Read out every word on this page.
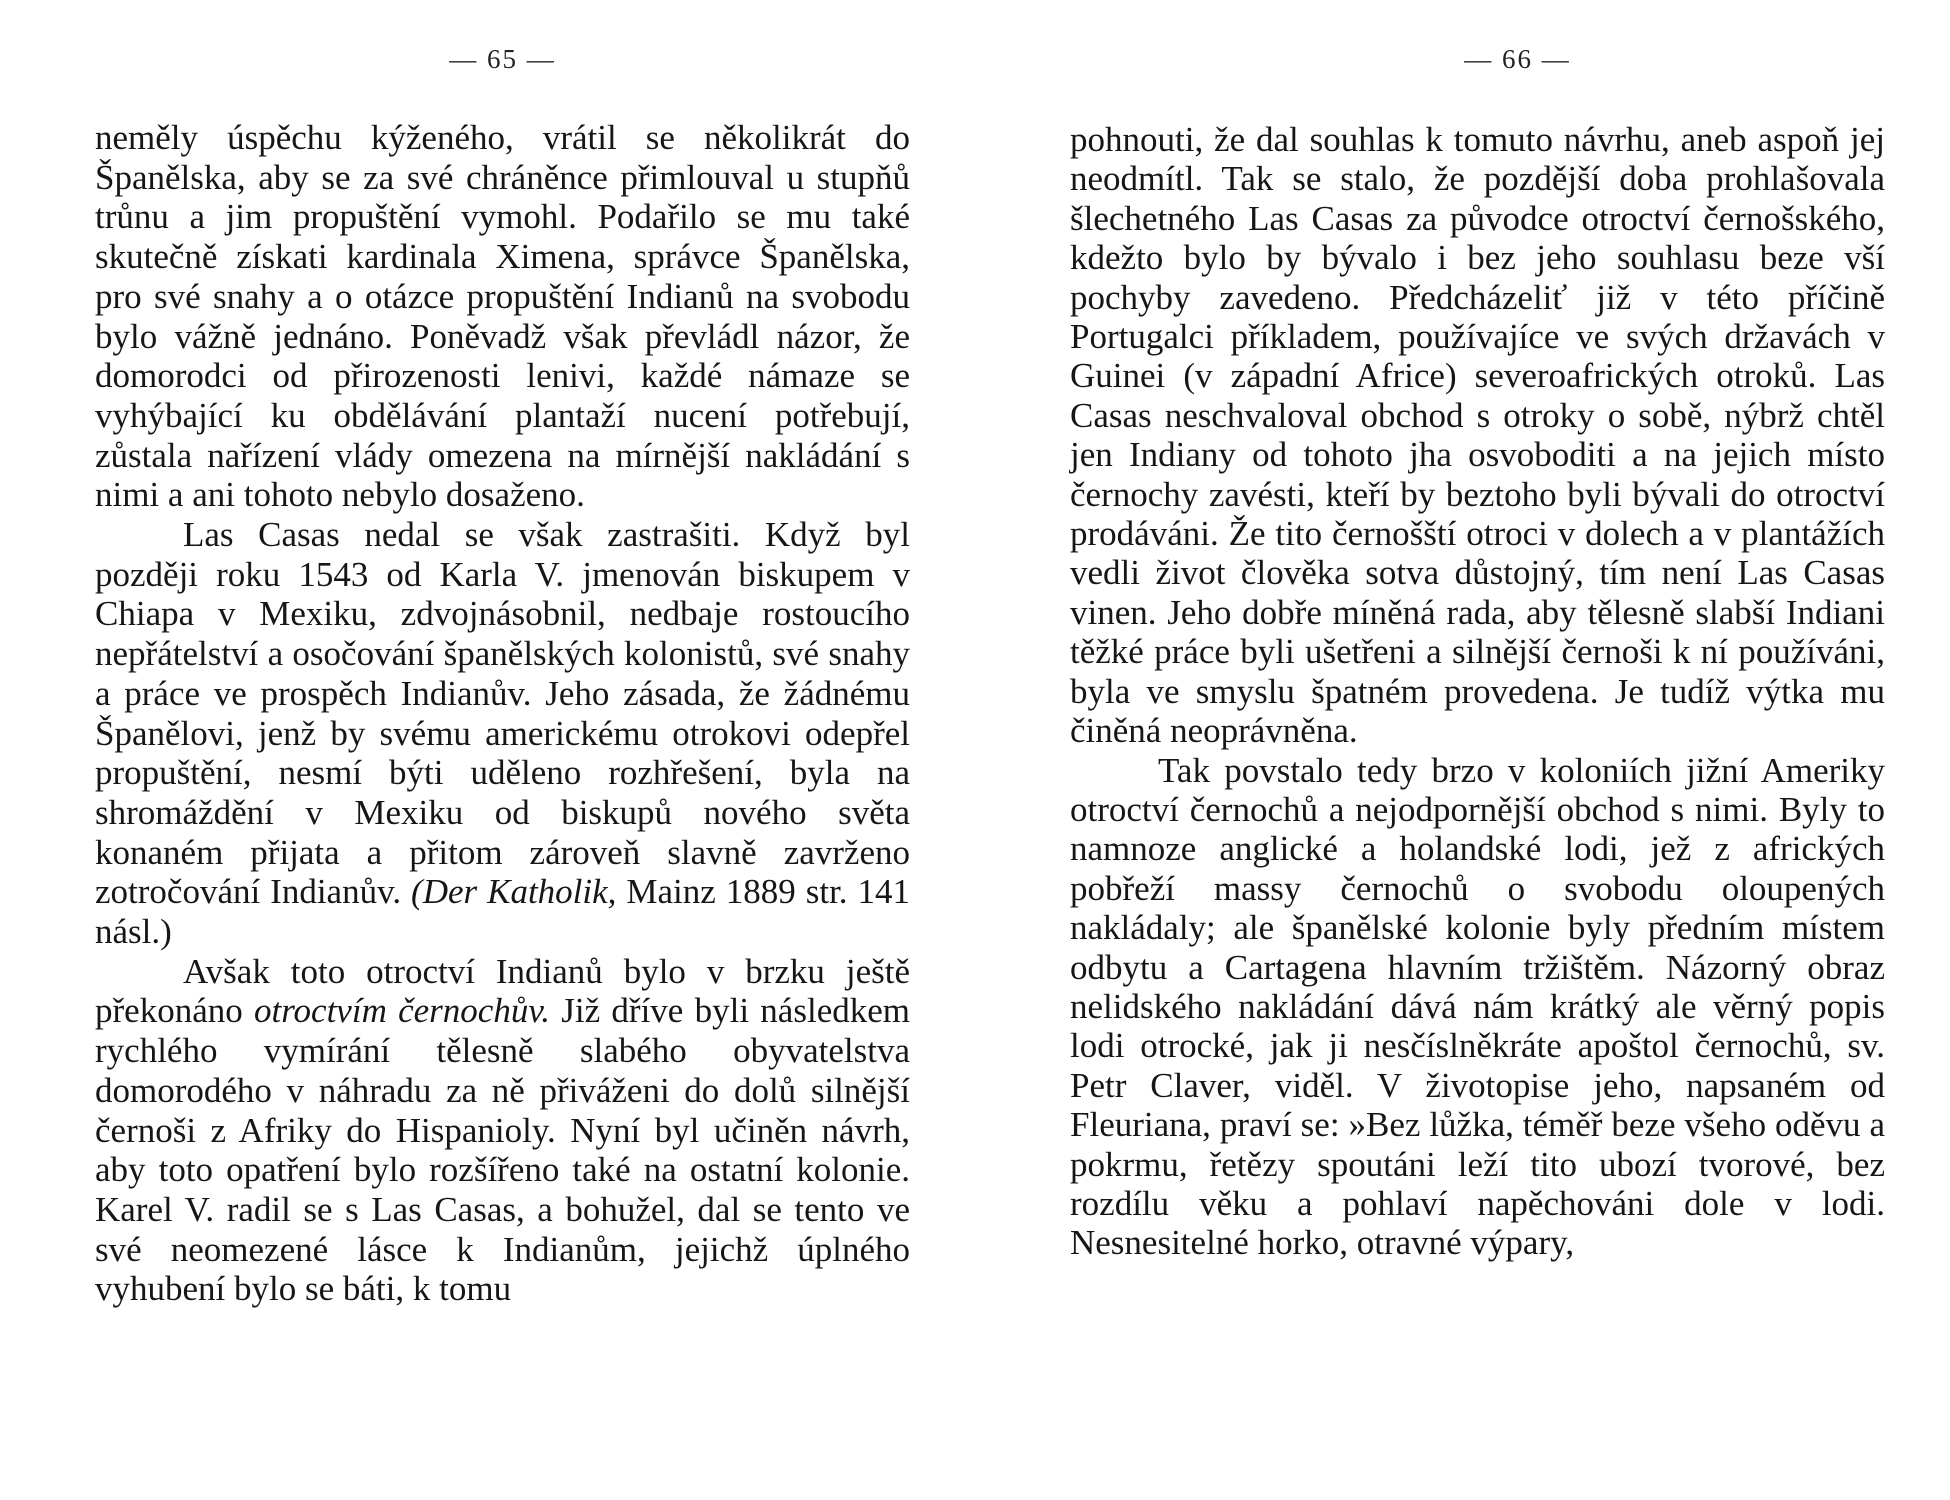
— 65 —

neměly úspěchu kýženého, vrátil se několikrát do Španělska, aby se za své chráněnce přimlouval u stupňů trůnu a jim propuštění vymohl. Podařilo se mu také skutečně získati kardinala Ximena, správce Španělska, pro své snahy a o otázce propuštění Indianů na svobodu bylo vážně jednáno. Poněvadž však převládl názor, že domorodci od přirozenosti lenivi, každé námaze se vyhýbající ku obdělávání plantaží nucení potřebují, zůstala nařízení vlády omezena na mírnější nakládání s nimi a ani tohoto nebylo dosaženo.

Las Casas nedal se však zastrašiti. Když byl později roku 1543 od Karla V. jmenován biskupem v Chiapa v Mexiku, zdvojnásobnil, nedbaje rostoucího nepřátelství a osočování španělských kolonistů, své snahy a práce ve prospěch Indianův. Jeho zásada, že žádnému Španělovi, jenž by svému americkému otrokovi odepřel propuštění, nesmí býti uděleno rozhřešení, byla na shromáždění v Mexiku od biskupů nového světa konaném přijata a přitom zároveň slavně zavrženo zotročování Indianův. (Der Katholik, Mainz 1889 str. 141 násl.)

Avšak toto otroctví Indianů bylo v brzku ještě překonáno otroctvím černochův. Již dříve byli následkem rychlého vymírání tělesně slabého obyvatelstva domorodého v náhradu za ně přiváženi do dolů silnější černoši z Afriky do Hispanioly. Nyní byl učiněn návrh, aby toto opatření bylo rozšířeno také na ostatní kolonie. Karel V. radil se s Las Casas, a bohužel, dal se tento ve své neomezené lásce k Indianům, jejichž úplného vyhubení bylo se báti, k tomu

— 66 —

pohnouti, že dal souhlas k tomuto návrhu, aneb aspoň jej neodmítl. Tak se stalo, že pozdější doba prohlašovala šlechetného Las Casas za původce otroctví černošského, kdežto bylo by bývalo i bez jeho souhlasu beze vší pochyby zavedeno. Předcházeliť již v této příčině Portugalci příkladem, používajíce ve svých državách v Guinei (v západní Africe) severoafrických otroků. Las Casas neschvaloval obchod s otroky o sobě, nýbrž chtěl jen Indiany od tohoto jha osvoboditi a na jejich místo černochy zavésti, kteří by beztoho byli bývali do otroctví prodáváni. Že tito černošští otroci v dolech a v plantážích vedli život člověka sotva důstojný, tím není Las Casas vinen. Jeho dobře míněná rada, aby tělesně slabší Indiani těžké práce byli ušetřeni a silnější černoši k ní používáni, byla ve smyslu špatném provedena. Je tudíž výtka mu činěná neoprávněna.

Tak povstalo tedy brzo v koloniích jižní Ameriky otroctví černochů a nejodpornější obchod s nimi. Byly to namnoze anglické a holandské lodi, jež z afrických pobřeží massy černochů o svobodu oloupených nakládaly; ale španělské kolonie byly předním místem odbytu a Cartagena hlavním tržištěm. Názorný obraz nelidského nakládání dává nám krátký ale věrný popis lodi otrocké, jak ji nesčíslněkráte apoštol černochů, sv. Petr Claver, viděl. V životopise jeho, napsaném od Fleuriana, praví se: »Bez lůžka, téměř beze všeho oděvu a pokrmu, řetězy spoutáni leží tito ubozí tvorové, bez rozdílu věku a pohlaví napěchováni dole v lodi. Nesnesitelné horko, otravné výpary,
